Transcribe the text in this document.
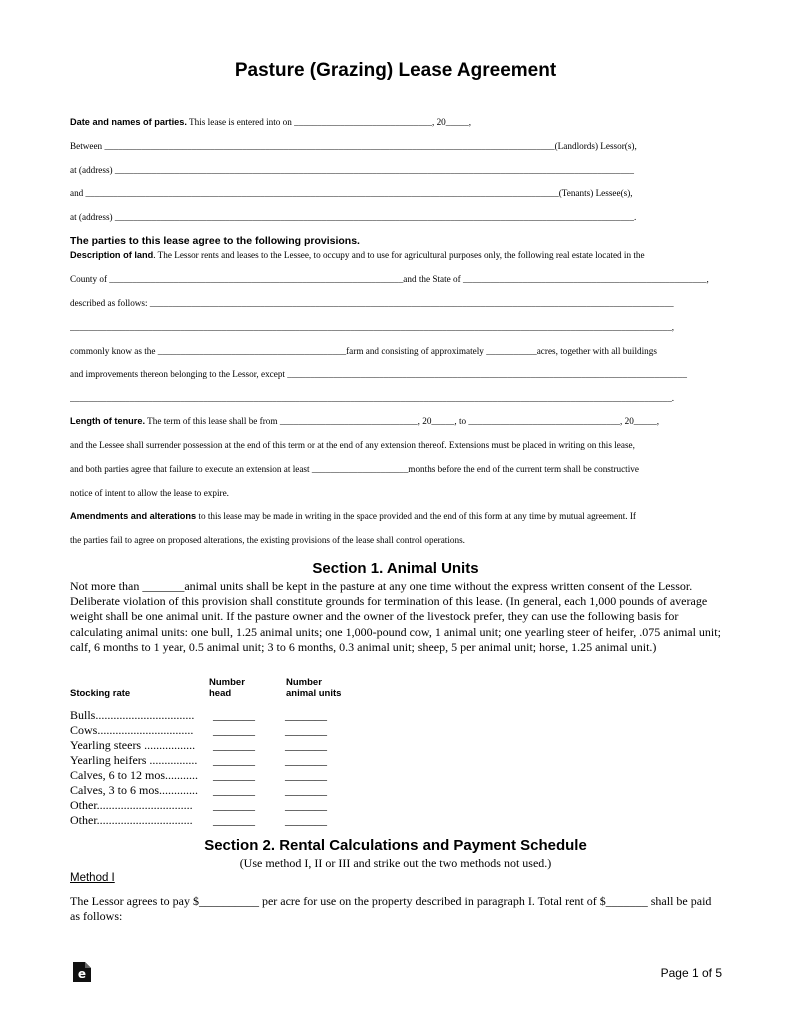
Pasture (Grazing) Lease Agreement
Date and names of parties. This lease is entered into on ______________________________, 20_____,
Between __________________________________________________________________________________________________(Landlords) Lessor(s),
at (address) _________________________________________________________________________________________________________________
and _______________________________________________________________________________________________________(Tenants) Lessee(s),
at (address) _________________________________________________________________________________________________________________.
The parties to this lease agree to the following provisions.
Description of land. The Lessor rents and leases to the Lessee, to occupy and to use for agricultural purposes only, the following real estate located in the
County of ________________________________________________________________and the State of _____________________________________________________,
described as follows: __________________________________________________________________________________________________________________
___________________________________________________________________________________________________________________________________,
commonly know as the _________________________________________farm and consisting of approximately ___________acres, together with all buildings
and improvements thereon belonging to the Lessor, except _______________________________________________________________________________________
___________________________________________________________________________________________________________________________________.
Length of tenure. The term of this lease shall be from ______________________________, 20_____, to _________________________________, 20_____,
and the Lessee shall surrender possession at the end of this term or at the end of any extension thereof. Extensions must be placed in writing on this lease,
and both parties agree that failure to execute an extension at least _____________________months before the end of the current term shall be constructive
notice of intent to allow the lease to expire.
Amendments and alterations to this lease may be made in writing in the space provided and the end of this form at any time by mutual agreement. If
the parties fail to agree on proposed alterations, the existing provisions of the lease shall control operations.
Section 1. Animal Units
Not more than _______animal units shall be kept in the pasture at any one time without the express written consent of the Lessor. Deliberate violation of this provision shall constitute grounds for termination of this lease. (In general, each 1,000 pounds of average weight shall be one animal unit. If the pasture owner and the owner of the livestock prefer, they can use the following basis for calculating animal units: one bull, 1.25 animal units; one 1,000-pound cow, 1 animal unit; one yearling steer of heifer, .075 animal unit; calf, 6 months to 1 year, 0.5 animal unit; 3 to 6 months, 0.3 animal unit; sheep, 5 per animal unit; horse, 1.25 animal unit.)
Stocking rate
Number
head
Number
animal units
Bulls................................. _______	_______
Cows................................ _______	_______
Yearling steers ................. _______	_______
Yearling heifers ................ _______	_______
Calves, 6 to 12 mos........... _______	_______
Calves, 3 to 6 mos............. _______	_______
Other................................ _______	_______
Other................................ _______	_______
Section 2. Rental Calculations and Payment Schedule
(Use method I, II or III and strike out the two methods not used.)
Method I
The Lessor agrees to pay $__________ per acre for use on the property described in paragraph I. Total rent of $_______ shall be paid as follows:
e	Page 1 of 5
